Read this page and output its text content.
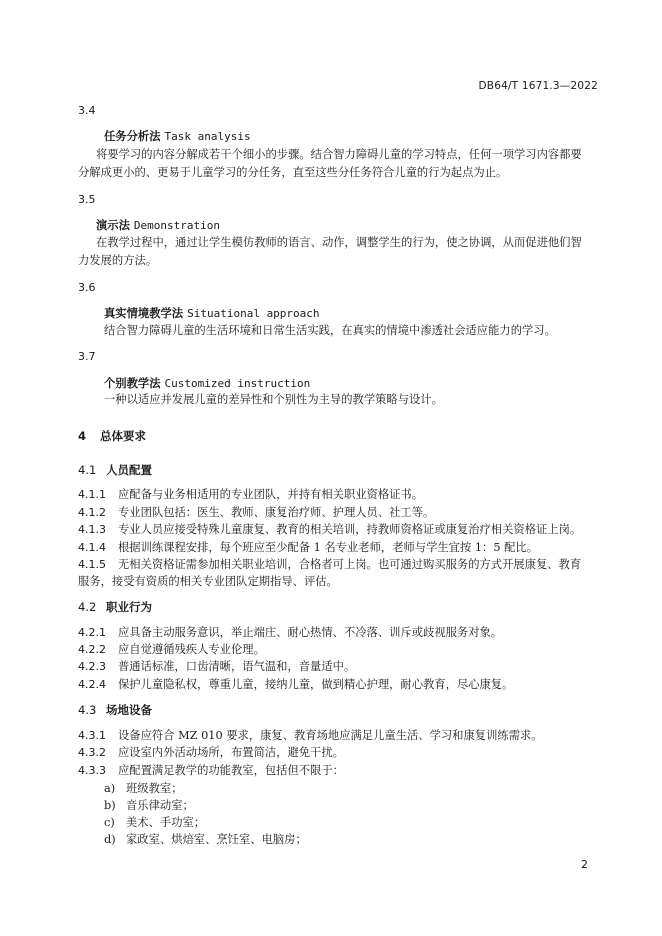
DB64/T 1671.3—2022
3.4
任务分析法 Task analysis
将要学习的内容分解成若干个细小的步骤。结合智力障碍儿童的学习特点，任何一项学习内容都要
分解成更小的、更易于儿童学习的分任务，直至这些分任务符合儿童的行为起点为止。
3.5
演示法 Demonstration
在教学过程中，通过让学生模仿教师的语言、动作，调整学生的行为，使之协调，从而促进他们智
力发展的方法。
3.6
真实情境教学法 Situational approach
结合智力障碍儿童的生活环境和日常生活实践，在真实的情境中渗透社会适应能力的学习。
3.7
个别教学法 Customized instruction
一种以适应并发展儿童的差异性和个别性为主导的教学策略与设计。
4 总体要求
4.1 人员配置
4.1.1 应配备与业务相适用的专业团队，并持有相关职业资格证书。
4.1.2 专业团队包括：医生、教师、康复治疗师、护理人员、社工等。
4.1.3 专业人员应接受特殊儿童康复、教育的相关培训，持教师资格证或康复治疗相关资格证上岗。
4.1.4 根据训练课程安排，每个班应至少配备 1 名专业老师，老师与学生宜按 1：5 配比。
4.1.5 无相关资格证需参加相关职业培训，合格者可上岗。也可通过购买服务的方式开展康复、教育
服务，接受有资质的相关专业团队定期指导、评估。
4.2 职业行为
4.2.1 应具备主动服务意识，举止端庄、耐心热情、不冷落、训斥或歧视服务对象。
4.2.2 应自觉遵循残疾人专业伦理。
4.2.3 普通话标准，口齿清晰，语气温和，音量适中。
4.2.4 保护儿童隐私权，尊重儿童，接纳儿童，做到精心护理，耐心教育，尽心康复。
4.3 场地设备
4.3.1 设备应符合 MZ 010 要求，康复、教育场地应满足儿童生活、学习和康复训练需求。
4.3.2 应设室内外活动场所，布置简洁，避免干扰。
4.3.3 应配置满足教学的功能教室，包括但不限于：
a) 班级教室；
b) 音乐律动室；
c) 美术、手功室；
d) 家政室、烘焙室、烹饪室、电脑房；
2
